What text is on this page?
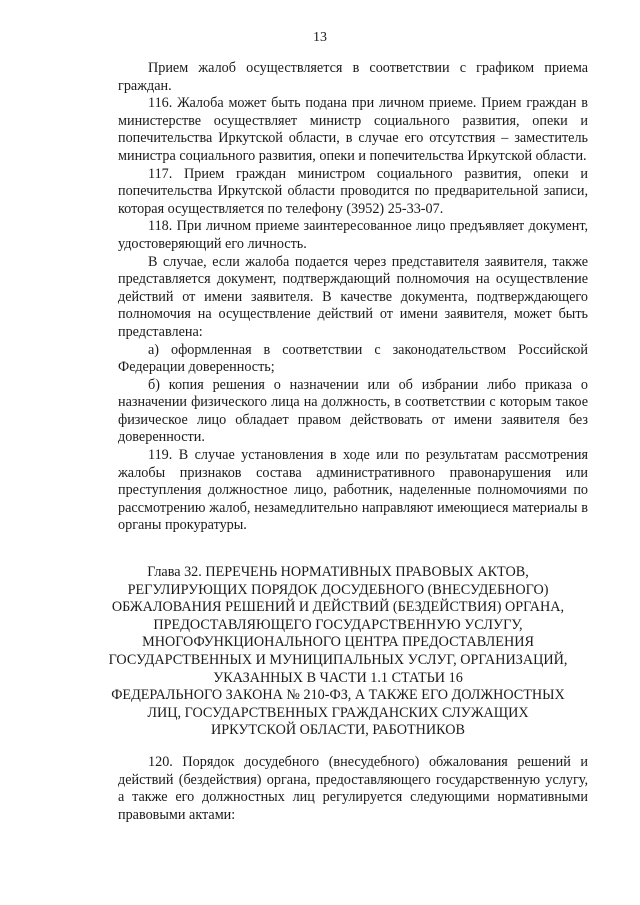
13

Прием жалоб осуществляется в соответствии с графиком приема граждан.

116. Жалоба может быть подана при личном приеме. Прием граждан в министерстве осуществляет министр социального развития, опеки и попечительства Иркутской области, в случае его отсутствия – заместитель министра социального развития, опеки и попечительства Иркутской области.

117. Прием граждан министром социального развития, опеки и попечительства Иркутской области проводится по предварительной записи, которая осуществляется по телефону (3952) 25-33-07.

118. При личном приеме заинтересованное лицо предъявляет документ, удостоверяющий его личность.

В случае, если жалоба подается через представителя заявителя, также представляется документ, подтверждающий полномочия на осуществление действий от имени заявителя. В качестве документа, подтверждающего полномочия на осуществление действий от имени заявителя, может быть представлена:

а) оформленная в соответствии с законодательством Российской Федерации доверенность;

б) копия решения о назначении или об избрании либо приказа о назначении физического лица на должность, в соответствии с которым такое физическое лицо обладает правом действовать от имени заявителя без доверенности.

119. В случае установления в ходе или по результатам рассмотрения жалобы признаков состава административного правонарушения или преступления должностное лицо, работник, наделенные полномочиями по рассмотрению жалоб, незамедлительно направляют имеющиеся материалы в органы прокуратуры.

Глава 32. ПЕРЕЧЕНЬ НОРМАТИВНЫХ ПРАВОВЫХ АКТОВ,
РЕГУЛИРУЮЩИХ ПОРЯДОК ДОСУДЕБНОГО (ВНЕСУДЕБНОГО)
ОБЖАЛОВАНИЯ РЕШЕНИЙ И ДЕЙСТВИЙ (БЕЗДЕЙСТВИЯ) ОРГАНА,
ПРЕДОСТАВЛЯЮЩЕГО ГОСУДАРСТВЕННУЮ УСЛУГУ,
МНОГОФУНКЦИОНАЛЬНОГО ЦЕНТРА ПРЕДОСТАВЛЕНИЯ
ГОСУДАРСТВЕННЫХ И МУНИЦИПАЛЬНЫХ УСЛУГ, ОРГАНИЗАЦИЙ,
УКАЗАННЫХ В ЧАСТИ 1.1 СТАТЬИ 16
ФЕДЕРАЛЬНОГО ЗАКОНА № 210-ФЗ, А ТАКЖЕ ЕГО ДОЛЖНОСТНЫХ
ЛИЦ, ГОСУДАРСТВЕННЫХ ГРАЖДАНСКИХ СЛУЖАЩИХ
ИРКУТСКОЙ ОБЛАСТИ, РАБОТНИКОВ

120. Порядок досудебного (внесудебного) обжалования решений и действий (бездействия) органа, предоставляющего государственную услугу, а также его должностных лиц регулируется следующими нормативными правовыми актами:
